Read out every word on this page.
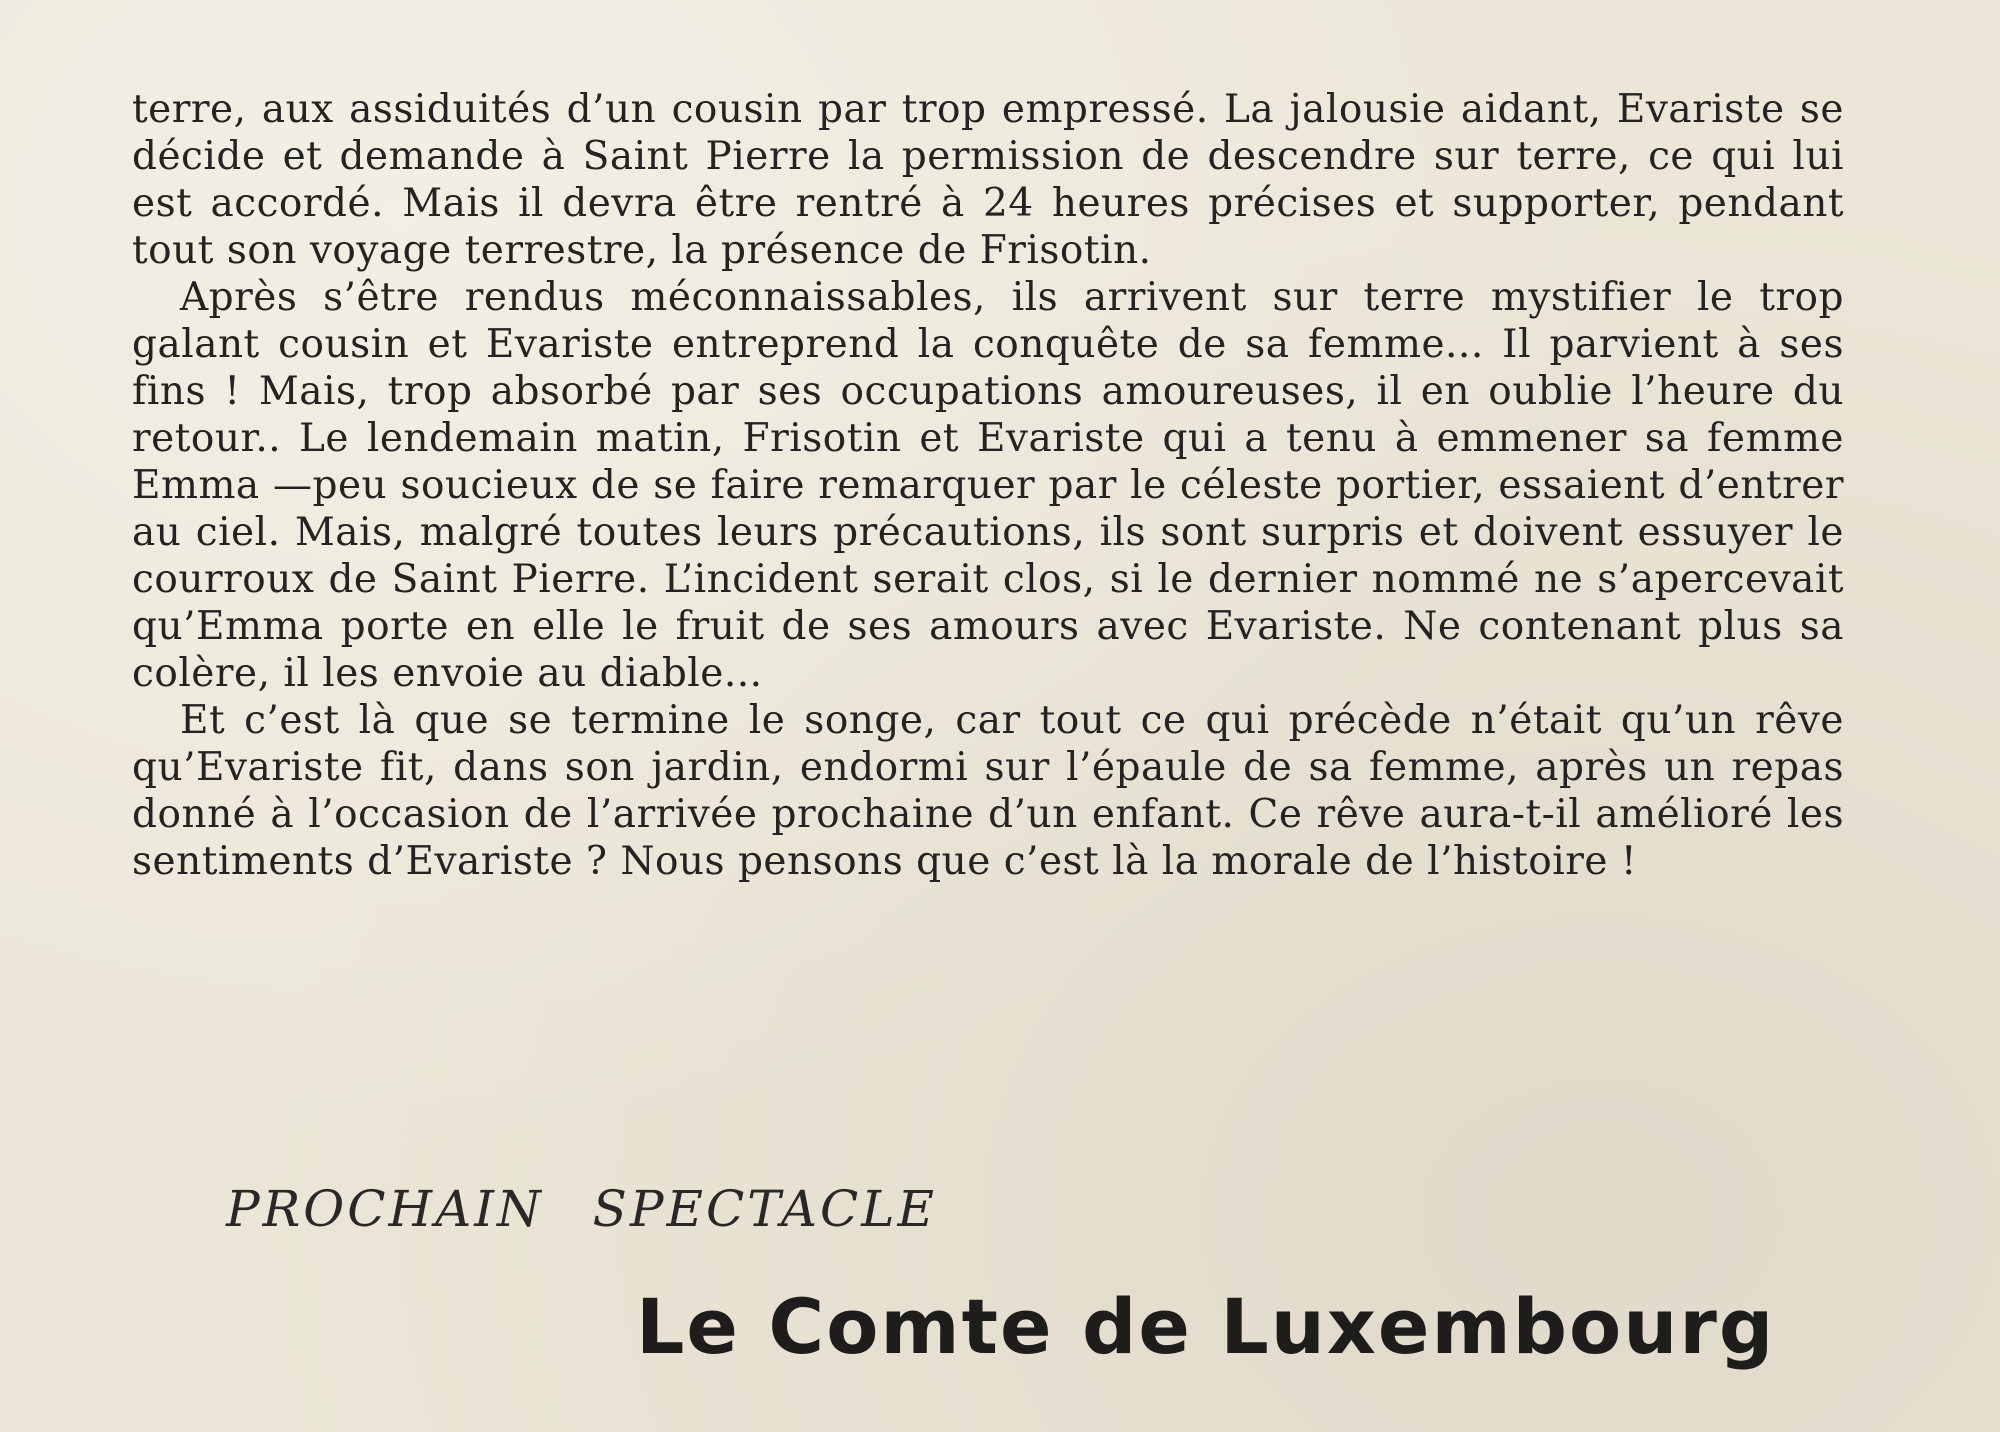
terre, aux assiduités d’un cousin par trop empressé. La jalousie aidant, Evariste se décide et demande à Saint Pierre la permission de descendre sur terre, ce qui lui est accordé. Mais il devra être rentré à 24 heures précises et supporter, pendant tout son voyage terrestre, la présence de Frisotin.

Après s’être rendus méconnaissables, ils arrivent sur terre mystifier le trop galant cousin et Evariste entreprend la conquête de sa femme... Il parvient à ses fins ! Mais, trop absorbé par ses occupations amoureuses, il en oublie l’heure du retour.. Le lendemain matin, Frisotin et Evariste qui a tenu à emmener sa femme Emma —peu soucieux de se faire remarquer par le céleste portier, essaient d’entrer au ciel. Mais, malgré toutes leurs précautions, ils sont surpris et doivent essuyer le courroux de Saint Pierre. L’incident serait clos, si le dernier nommé ne s’apercevait qu’Emma porte en elle le fruit de ses amours avec Evariste. Ne contenant plus sa colère, il les envoie au diable...

Et c’est là que se termine le songe, car tout ce qui précède n’était qu’un rêve qu’Evariste fit, dans son jardin, endormi sur l’épaule de sa femme, après un repas donné à l’occasion de l’arrivée prochaine d’un enfant. Ce rêve aura-t-il amélioré les sentiments d’Evariste ? Nous pensons que c’est là la morale de l’histoire !

PROCHAIN SPECTACLE
Le Comte de Luxembourg
